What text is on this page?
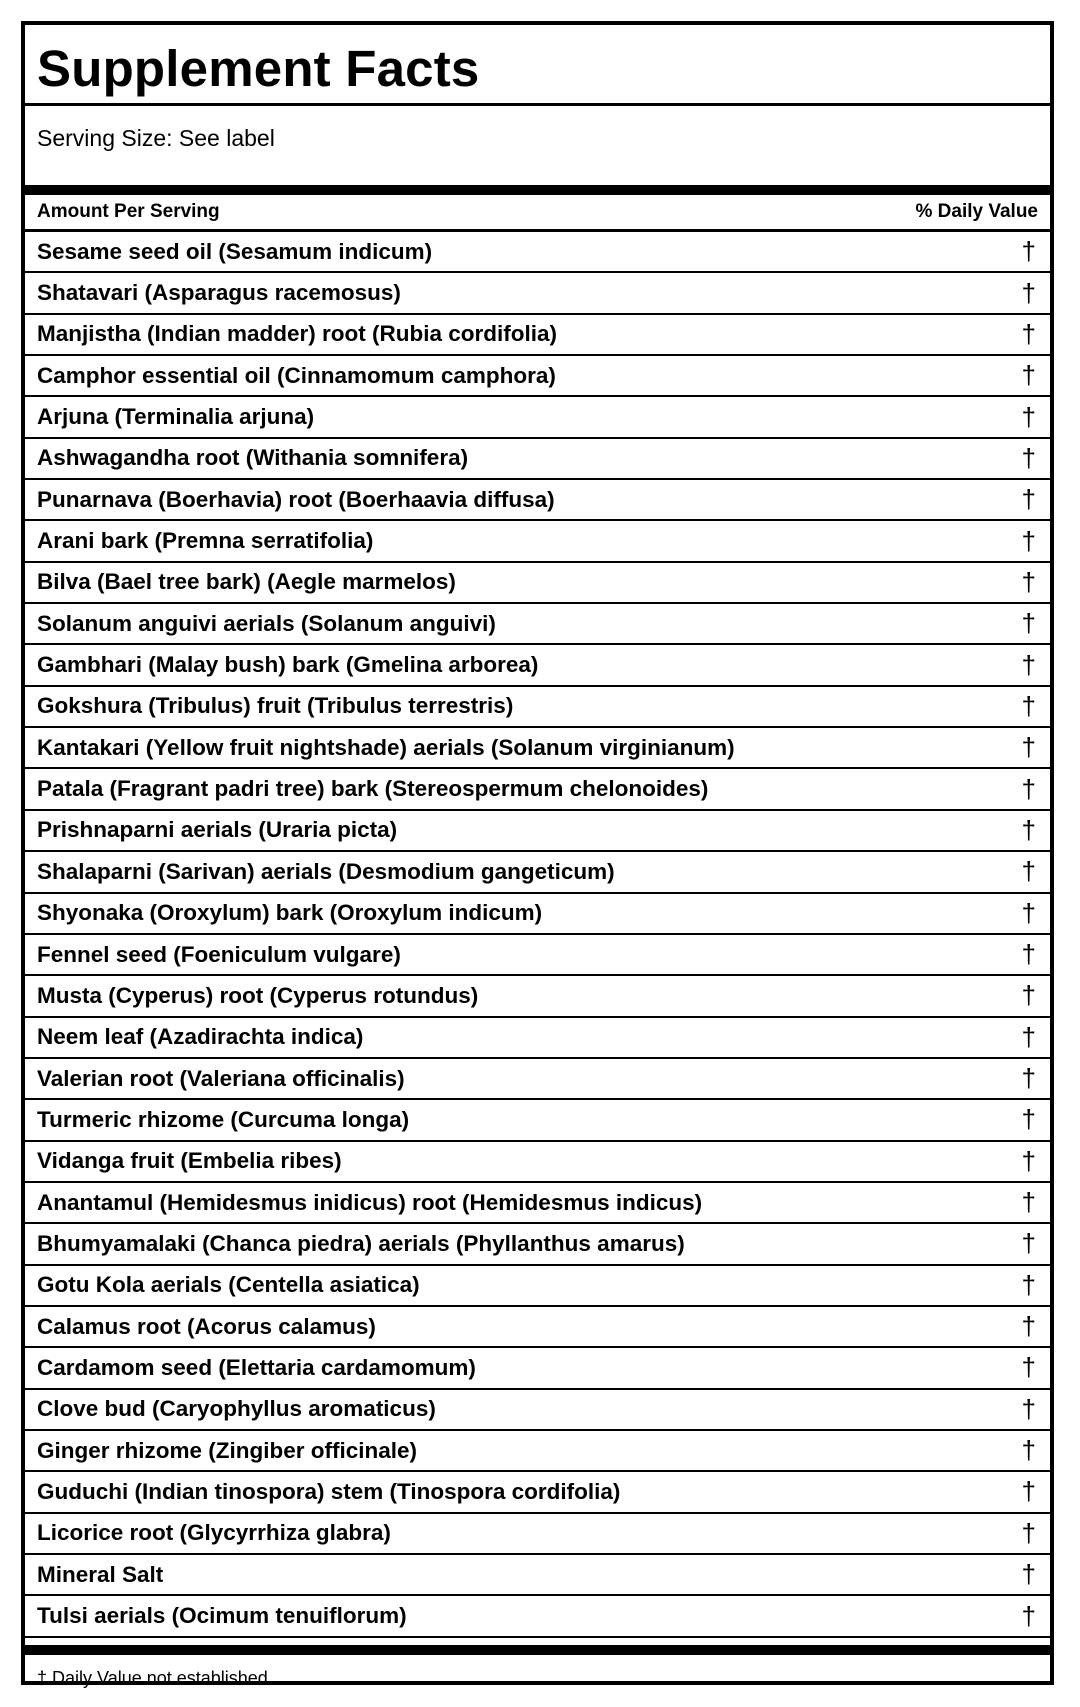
Supplement Facts
Serving Size: See label
Amount Per Serving	% Daily Value
Sesame seed oil (Sesamum indicum)	†
Shatavari (Asparagus racemosus)	†
Manjistha (Indian madder) root (Rubia cordifolia)	†
Camphor essential oil (Cinnamomum camphora)	†
Arjuna (Terminalia arjuna)	†
Ashwagandha root (Withania somnifera)	†
Punarnava (Boerhavia) root (Boerhaavia diffusa)	†
Arani bark (Premna serratifolia)	†
Bilva (Bael tree bark) (Aegle marmelos)	†
Solanum anguivi aerials (Solanum anguivi)	†
Gambhari (Malay bush) bark (Gmelina arborea)	†
Gokshura (Tribulus) fruit (Tribulus terrestris)	†
Kantakari (Yellow fruit nightshade) aerials (Solanum virginianum)	†
Patala (Fragrant padri tree) bark (Stereospermum chelonoides)	†
Prishnaparni aerials (Uraria picta)	†
Shalaparni (Sarivan) aerials (Desmodium gangeticum)	†
Shyonaka (Oroxylum) bark (Oroxylum indicum)	†
Fennel seed (Foeniculum vulgare)	†
Musta (Cyperus) root (Cyperus rotundus)	†
Neem leaf (Azadirachta indica)	†
Valerian root (Valeriana officinalis)	†
Turmeric rhizome (Curcuma longa)	†
Vidanga fruit (Embelia ribes)	†
Anantamul (Hemidesmus inidicus) root (Hemidesmus indicus)	†
Bhumyamalaki (Chanca piedra) aerials (Phyllanthus amarus)	†
Gotu Kola aerials (Centella asiatica)	†
Calamus root (Acorus calamus)	†
Cardamom seed (Elettaria cardamomum)	†
Clove bud (Caryophyllus aromaticus)	†
Ginger rhizome (Zingiber officinale)	†
Guduchi (Indian tinospora) stem (Tinospora cordifolia)	†
Licorice root (Glycyrrhiza glabra)	†
Mineral Salt	†
Tulsi aerials (Ocimum tenuiflorum)	†
† Daily Value not established.
